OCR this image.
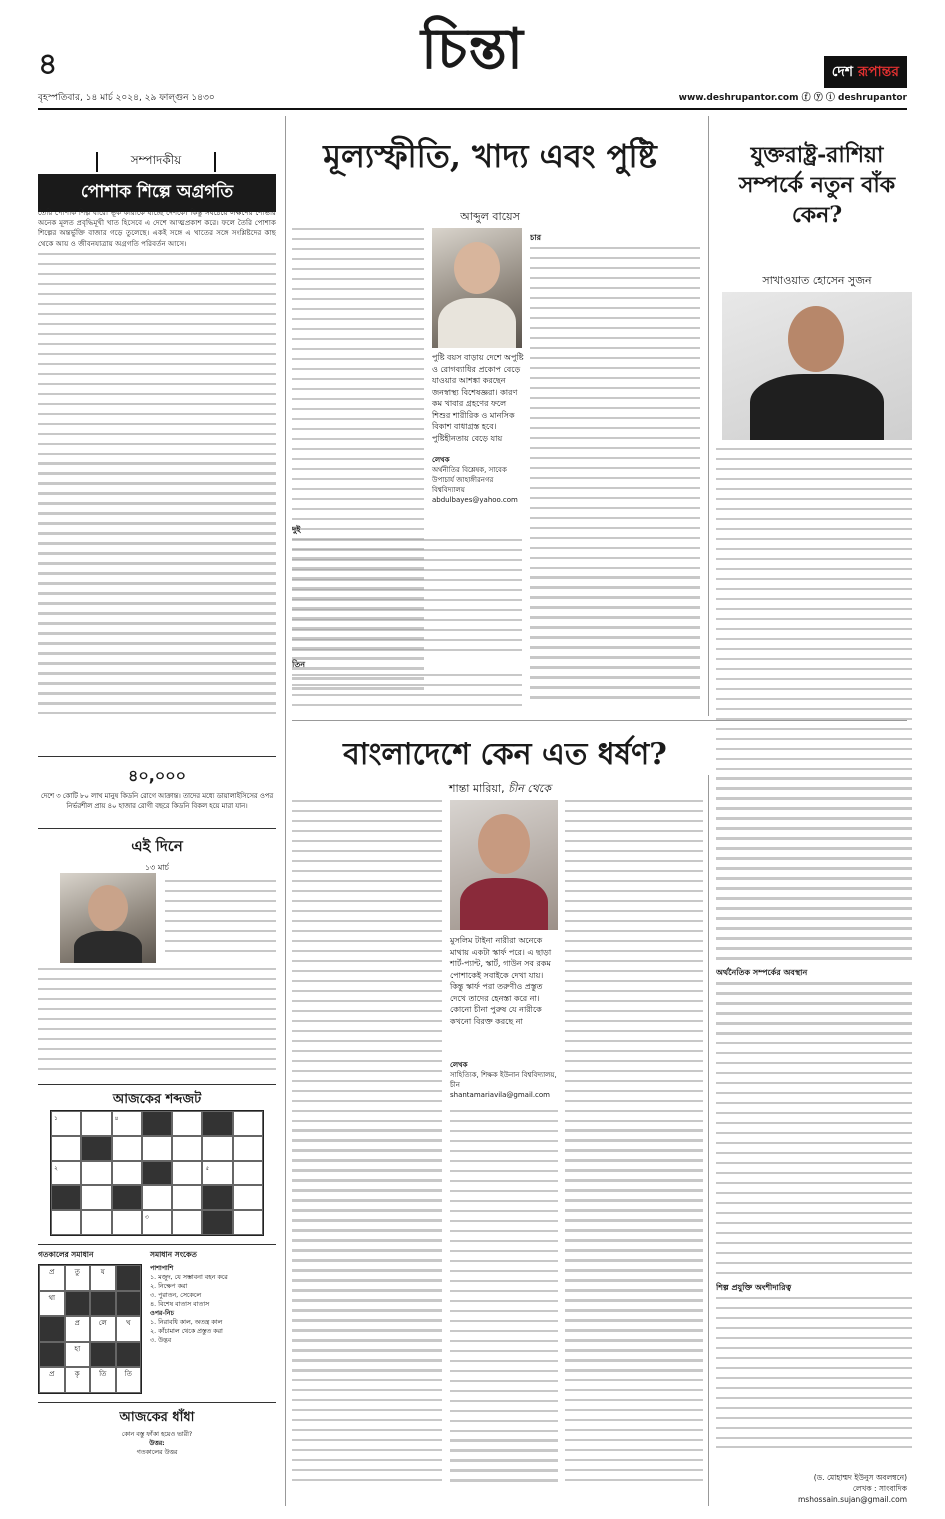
৪	চিন্তা	দেশ রূপান্তর
বৃহস্পতিবার, ১৪ মার্চ ২০২৪, ২৯ ফাল্গুন ১৪৩০	www.deshrupantor.com ⓕ ⓨ ⓘ deshrupantor
সম্পাদকীয়
পোশাক শিল্পে অগ্রগতি

তৈরি পোশাক শিল্প বারো ভূক কারাকে যাচ্ছে দেশকে। কিন্তু সবচেয়ে লক্ষণের শোভার অনেক মূলত প্রবৃদ্ধিমূখী খাত হিসেবে এ দেশে আত্মপ্রকাশ করে। ফলে তৈরি পোশাক শিল্পের অন্তর্ভুক্তি বাজার গড়ে তুলেছে। একই সঙ্গে এ খাতের সঙ্গে সংশ্লিষ্টদের কাছ থেকে আয় ও জীবনযাত্রায় অগ্রগতি পরিবর্তন আসে।

৪০,০০০
দেশে ৩ কোটি ৮০ লাখ মানুষ কিডনি রোগে আক্রান্ত। তাদের মধ্যে ডায়ালাইসিসের ওপর নির্ভরশীল প্রায় ৪০ হাজার রোগী বছরে কিডনি বিকল হয়ে মারা যান।
এই দিনে
১৩ মার্চ
আজকের শব্দজট
১	৪
২	৫
৩
গতকালের সমাধান	সমাধান সংকেত
প্র	তু	য
থা
প্র	লে	খ
হা
প্র	কৃ	তি	তি
পাশাপাশি
১. মজুদ, যে সম্ভাবনা বহন করে
২. নিক্ষেপ করা
৩. পুরাতন, সেকেলে
৪. বিশেষ বাতাস বাতাস
ওপর-নিচ
১. নিরাবধি কাল, অতন্ত্র কাল
২. কাঁচামাল থেকে প্রস্তুত করা
৩. উদ্ভব
আজকের ধাঁধা
কোন বস্তু ফাঁকা হয়েও ভারী?
উত্তর:
গতকালের উত্তর
মূল্যস্ফীতি, খাদ্য এবং পুষ্টি
আব্দুল বায়েস
পুষ্টি বয়স বাড়ায় দেশে অপুষ্টি ও রোগব্যাধির প্রকোপ বেড়ে যাওয়ার আশঙ্কা করছেন জনস্বাস্থ্য বিশেষজ্ঞরা। কারণ কম খাবার গ্রহণের ফলে শিশুর শারীরিক ও মানসিক বিকাশ বাধাগ্রস্ত হবে। পুষ্টিহীনতায় বেড়ে যায়
লেখক
অর্থনীতির বিশ্লেষক, সাবেক উপাচার্য জাহাঙ্গীরনগর বিশ্ববিদ্যালয়
abdulbayes@yahoo.com
চার
দুই
তিন
যুক্তরাষ্ট্র-রাশিয়া সম্পর্কে নতুন বাঁক কেন?
সাখাওয়াত হোসেন সুজন
অর্থনৈতিক সম্পর্কের অবস্থান
শিল্প প্রযুক্তি অংশীদারিত্ব
(ড. মোহাম্মদ ইউনুস অবলম্বনে)
লেখক : সাংবাদিক
mshossain.sujan@gmail.com
বাংলাদেশে কেন এত ধর্ষণ?
শান্তা মারিয়া, চীন থেকে
মুসলিম টাইনা নারীরা অনেকে মাথায় একটা স্কার্ফ পরে। এ ছাড়া শার্ট-প্যান্ট, স্কার্ট, গাউন সব রকম পোশাকেই সবাইকে দেখা যায়। কিন্তু স্কার্ফ পরা তরুণীও প্রস্তুত দেখে তাদের হেনস্তা করে না। কোনো চীনা পুরুষ যে নারীকে কখনো বিরক্ত করছে না
লেখক
সাহিত্যিক, শিক্ষক ইউনান বিশ্ববিদ্যালয়, চীন
shantamariavila@gmail.com
